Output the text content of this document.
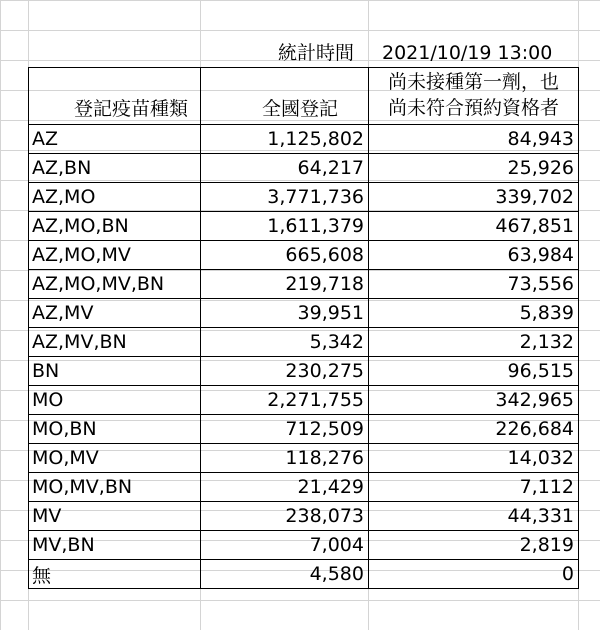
統計時間 2021/10/19 13:00
登記疫苗種類	全國登記	尚未接種第一劑，也
尚未符合預約資格者

AZ	1,125,802	84,943
AZ,BN	64,217	25,926
AZ,MO	3,771,736	339,702
AZ,MO,BN	1,611,379	467,851
AZ,MO,MV	665,608	63,984
AZ,MO,MV,BN	219,718	73,556
AZ,MV	39,951	5,839
AZ,MV,BN	5,342	2,132
BN	230,275	96,515
MO	2,271,755	342,965
MO,BN	712,509	226,684
MO,MV	118,276	14,032
MO,MV,BN	21,429	7,112
MV	238,073	44,331
MV,BN	7,004	2,819
無	4,580	0
